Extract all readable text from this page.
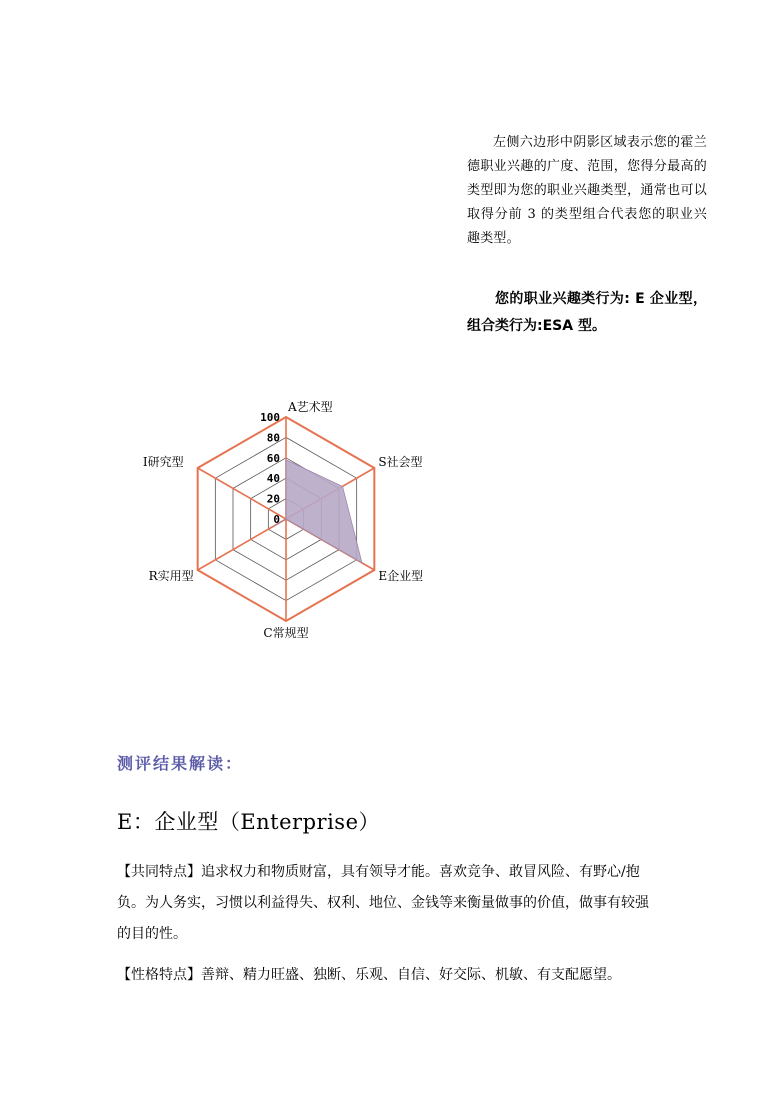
左侧六边形中阴影区域表示您的霍兰德职业兴趣的广度、范围，您得分最高的类型即为您的职业兴趣类型，通常也可以取得分前 3 的类型组合代表您的职业兴趣类型。

您的职业兴趣类行为: E 企业型，组合类行为:ESA 型。
0
20
40
60
80
100
A艺术型
S社会型
E企业型
C常规型
R实用型
I研究型
测评结果解读：
E：企业型（Enterprise）

【共同特点】追求权力和物质财富，具有领导才能。喜欢竞争、敢冒风险、有野心/抱负。为人务实，习惯以利益得失、权利、地位、金钱等来衡量做事的价值，做事有较强的目的性。

【性格特点】善辩、精力旺盛、独断、乐观、自信、好交际、机敏、有支配愿望。
